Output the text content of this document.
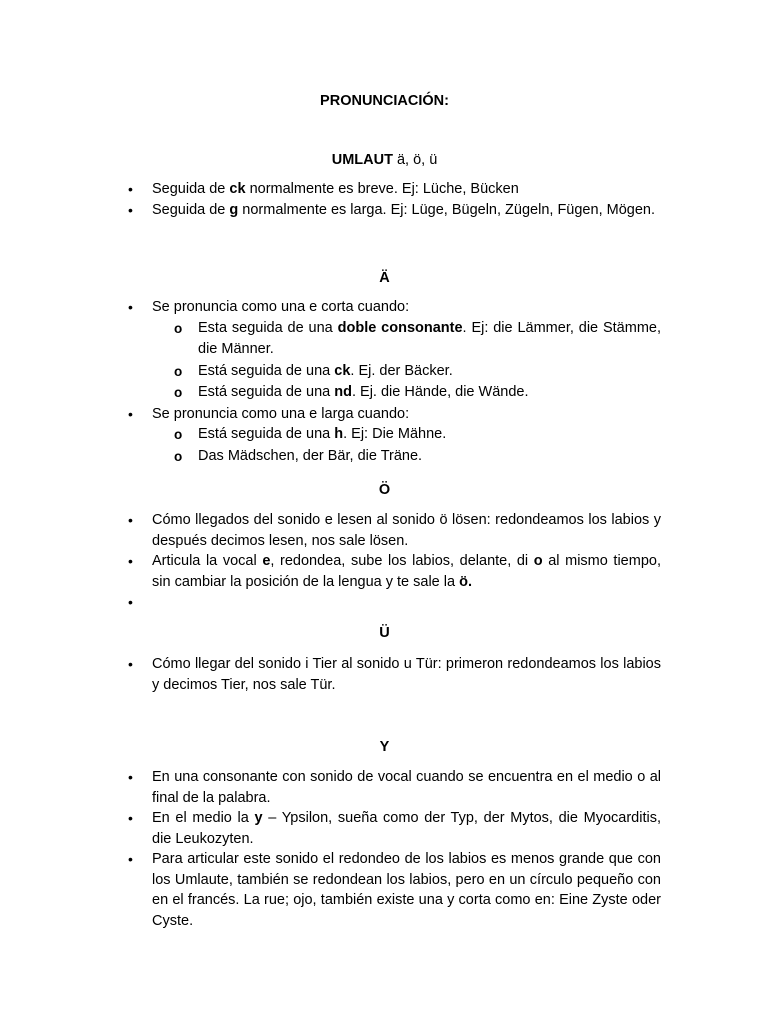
PRONUNCIACIÓN:

UMLAUT ä, ö, ü

• Seguida de ck normalmente es breve. Ej: Lüche, Bücken
• Seguida de g normalmente es larga. Ej: Lüge, Bügeln, Zügeln, Fügen, Mögen.

Ä

• Se pronuncia como una e corta cuando:
o Esta seguida de una doble consonante. Ej: die Lämmer, die Stämme, die Männer.
o Está seguida de una ck. Ej. der Bäcker.
o Está seguida de una nd. Ej. die Hände, die Wände.
• Se pronuncia como una e larga cuando:
o Está seguida de una h. Ej: Die Mähne.
o Das Mädschen, der Bär, die Träne.

Ö

• Cómo llegados del sonido e lesen al sonido ö lösen: redondeamos los labios y después decimos lesen, nos sale lösen.
• Articula la vocal e, redondea, sube los labios, delante, di o al mismo tiempo, sin cambiar la posición de la lengua y te sale la ö.
•

Ü

• Cómo llegar del sonido i Tier al sonido u Tür: primeron redondeamos los labios y decimos Tier, nos sale Tür.

Y

• En una consonante con sonido de vocal cuando se encuentra en el medio o al final de la palabra.
• En el medio la y – Ypsilon, sueña como der Typ, der Mytos, die Myocarditis, die Leukozyten.
• Para articular este sonido el redondeo de los labios es menos grande que con los Umlaute, también se redondean los labios, pero en un círculo pequeño con en el francés. La rue; ojo, también existe una y corta como en: Eine Zyste oder Cyste.
